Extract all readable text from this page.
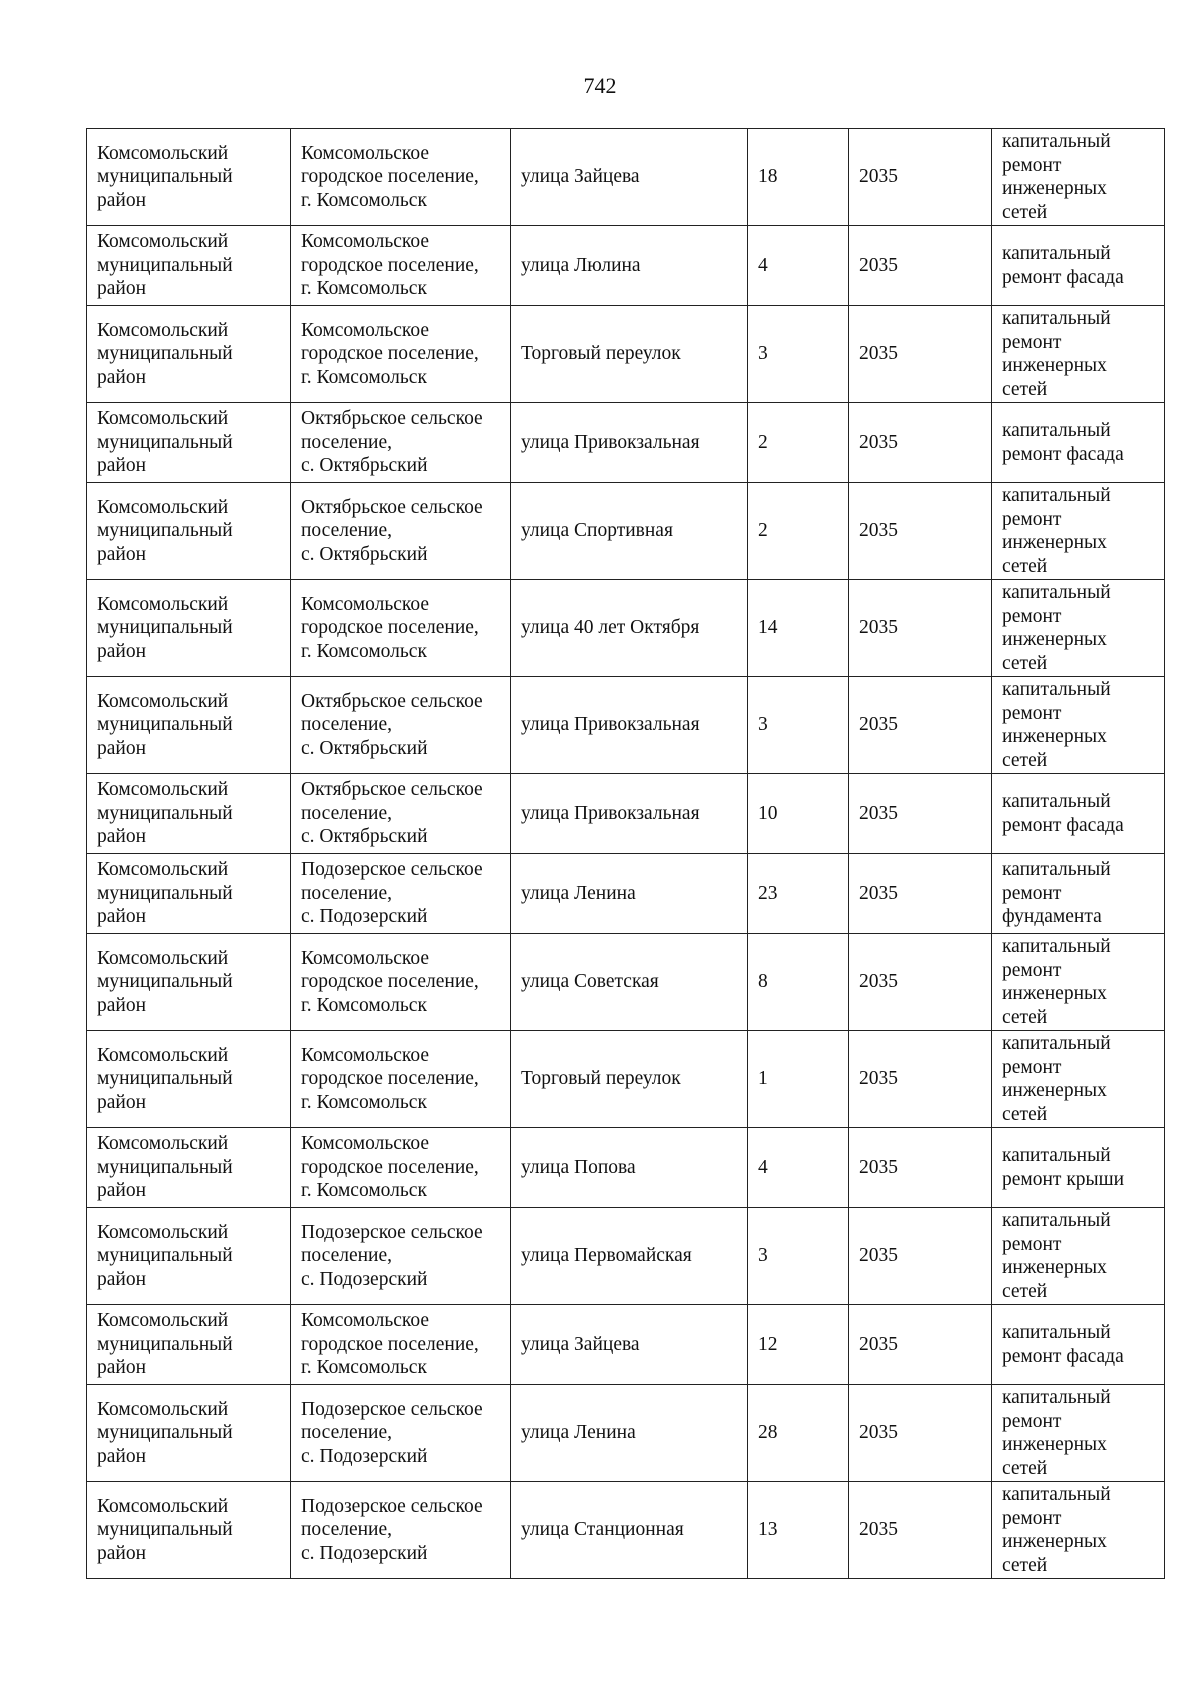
742
Комсомольский
муниципальный
район	Комсомольское
городское поселение,
г. Комсомольск	улица Зайцева	18	2035	капитальный
ремонт
инженерных
сетей

Комсомольский
муниципальный
район	Комсомольское
городское поселение,
г. Комсомольск	улица Люлина	4	2035	капитальный
ремонт фасада

Комсомольский
муниципальный
район	Комсомольское
городское поселение,
г. Комсомольск	Торговый переулок	3	2035	капитальный
ремонт
инженерных
сетей

Комсомольский
муниципальный
район	Октябрьское сельское
поселение,
с. Октябрьский	улица Привокзальная	2	2035	капитальный
ремонт фасада

Комсомольский
муниципальный
район	Октябрьское сельское
поселение,
с. Октябрьский	улица Спортивная	2	2035	капитальный
ремонт
инженерных
сетей

Комсомольский
муниципальный
район	Комсомольское
городское поселение,
г. Комсомольск	улица 40 лет Октября	14	2035	капитальный
ремонт
инженерных
сетей

Комсомольский
муниципальный
район	Октябрьское сельское
поселение,
с. Октябрьский	улица Привокзальная	3	2035	капитальный
ремонт
инженерных
сетей

Комсомольский
муниципальный
район	Октябрьское сельское
поселение,
с. Октябрьский	улица Привокзальная	10	2035	капитальный
ремонт фасада

Комсомольский
муниципальный
район	Подозерское сельское
поселение,
с. Подозерский	улица Ленина	23	2035	капитальный
ремонт
фундамента

Комсомольский
муниципальный
район	Комсомольское
городское поселение,
г. Комсомольск	улица Советская	8	2035	капитальный
ремонт
инженерных
сетей

Комсомольский
муниципальный
район	Комсомольское
городское поселение,
г. Комсомольск	Торговый переулок	1	2035	капитальный
ремонт
инженерных
сетей

Комсомольский
муниципальный
район	Комсомольское
городское поселение,
г. Комсомольск	улица Попова	4	2035	капитальный
ремонт крыши

Комсомольский
муниципальный
район	Подозерское сельское
поселение,
с. Подозерский	улица Первомайская	3	2035	капитальный
ремонт
инженерных
сетей

Комсомольский
муниципальный
район	Комсомольское
городское поселение,
г. Комсомольск	улица Зайцева	12	2035	капитальный
ремонт фасада

Комсомольский
муниципальный
район	Подозерское сельское
поселение,
с. Подозерский	улица Ленина	28	2035	капитальный
ремонт
инженерных
сетей

Комсомольский
муниципальный
район	Подозерское сельское
поселение,
с. Подозерский	улица Станционная	13	2035	капитальный
ремонт
инженерных
сетей
